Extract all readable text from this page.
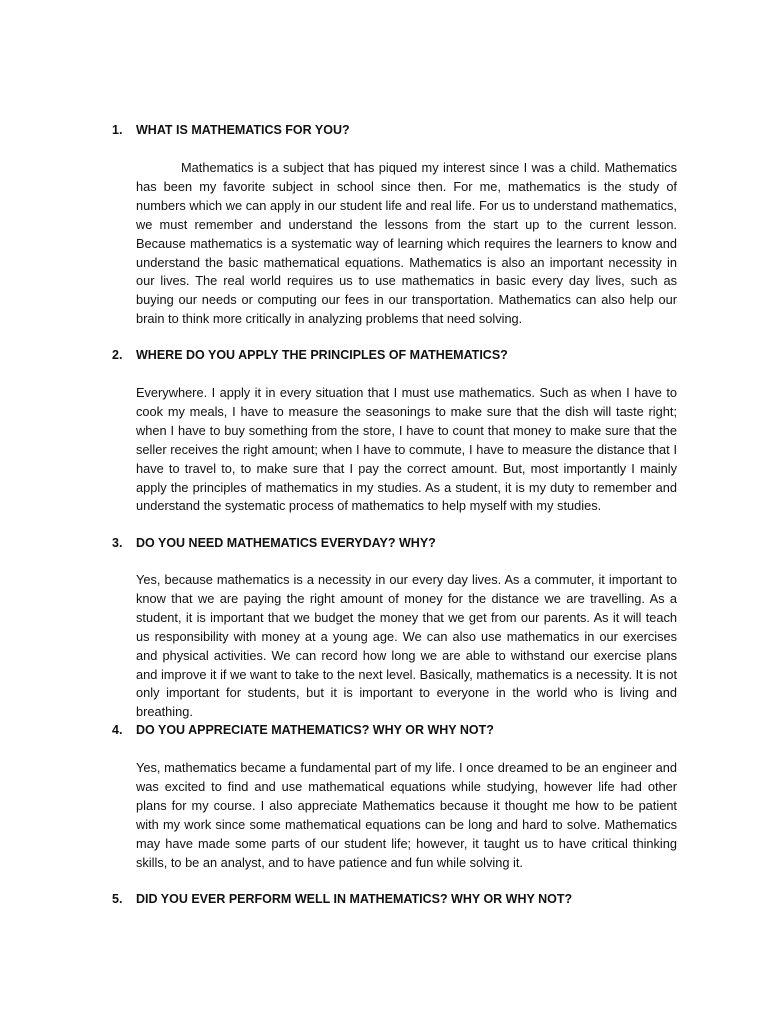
1. WHAT IS MATHEMATICS FOR YOU?

Mathematics is a subject that has piqued my interest since I was a child. Mathematics has been my favorite subject in school since then. For me, mathematics is the study of numbers which we can apply in our student life and real life. For us to understand mathematics, we must remember and understand the lessons from the start up to the current lesson. Because mathematics is a systematic way of learning which requires the learners to know and understand the basic mathematical equations. Mathematics is also an important necessity in our lives. The real world requires us to use mathematics in basic every day lives, such as buying our needs or computing our fees in our transportation. Mathematics can also help our brain to think more critically in analyzing problems that need solving.

2. WHERE DO YOU APPLY THE PRINCIPLES OF MATHEMATICS?

Everywhere. I apply it in every situation that I must use mathematics. Such as when I have to cook my meals, I have to measure the seasonings to make sure that the dish will taste right; when I have to buy something from the store, I have to count that money to make sure that the seller receives the right amount; when I have to commute, I have to measure the distance that I have to travel to, to make sure that I pay the correct amount. But, most importantly I mainly apply the principles of mathematics in my studies. As a student, it is my duty to remember and understand the systematic process of mathematics to help myself with my studies.

3. DO YOU NEED MATHEMATICS EVERYDAY? WHY?

Yes, because mathematics is a necessity in our every day lives. As a commuter, it important to know that we are paying the right amount of money for the distance we are travelling. As a student, it is important that we budget the money that we get from our parents. As it will teach us responsibility with money at a young age. We can also use mathematics in our exercises and physical activities. We can record how long we are able to withstand our exercise plans and improve it if we want to take to the next level. Basically, mathematics is a necessity. It is not only important for students, but it is important to everyone in the world who is living and breathing.

4. DO YOU APPRECIATE MATHEMATICS? WHY OR WHY NOT?

Yes, mathematics became a fundamental part of my life. I once dreamed to be an engineer and was excited to find and use mathematical equations while studying, however life had other plans for my course. I also appreciate Mathematics because it thought me how to be patient with my work since some mathematical equations can be long and hard to solve. Mathematics may have made some parts of our student life; however, it taught us to have critical thinking skills, to be an analyst, and to have patience and fun while solving it.

5. DID YOU EVER PERFORM WELL IN MATHEMATICS? WHY OR WHY NOT?
